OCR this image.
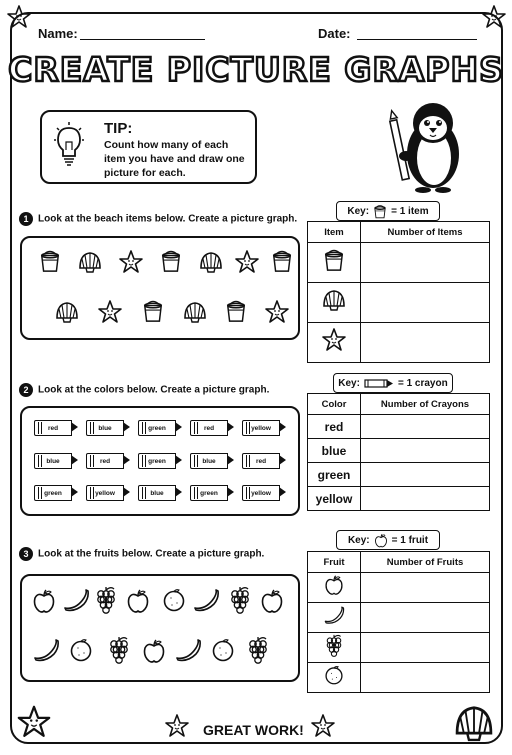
Name:	Date:
CREATE PICTURE GRAPHS
TIP:
Count how many of each item you have and draw one picture for each.
1 Look at the beach items below. Create a picture graph.
Key: = 1 item
Item	Number of Items

2 Look at the colors below. Create a picture graph.
red	blue	green	red	yellow
blue	red	green	blue	red
green	yellow	blue	green	yellow
Key:	= 1 crayon
Color	Number of Crayons
red	
blue	
green	
yellow	
3 Look at the fruits below. Create a picture graph.
Key: = 1 fruit
Fruit	Number of Fruits

GREAT WORK!
